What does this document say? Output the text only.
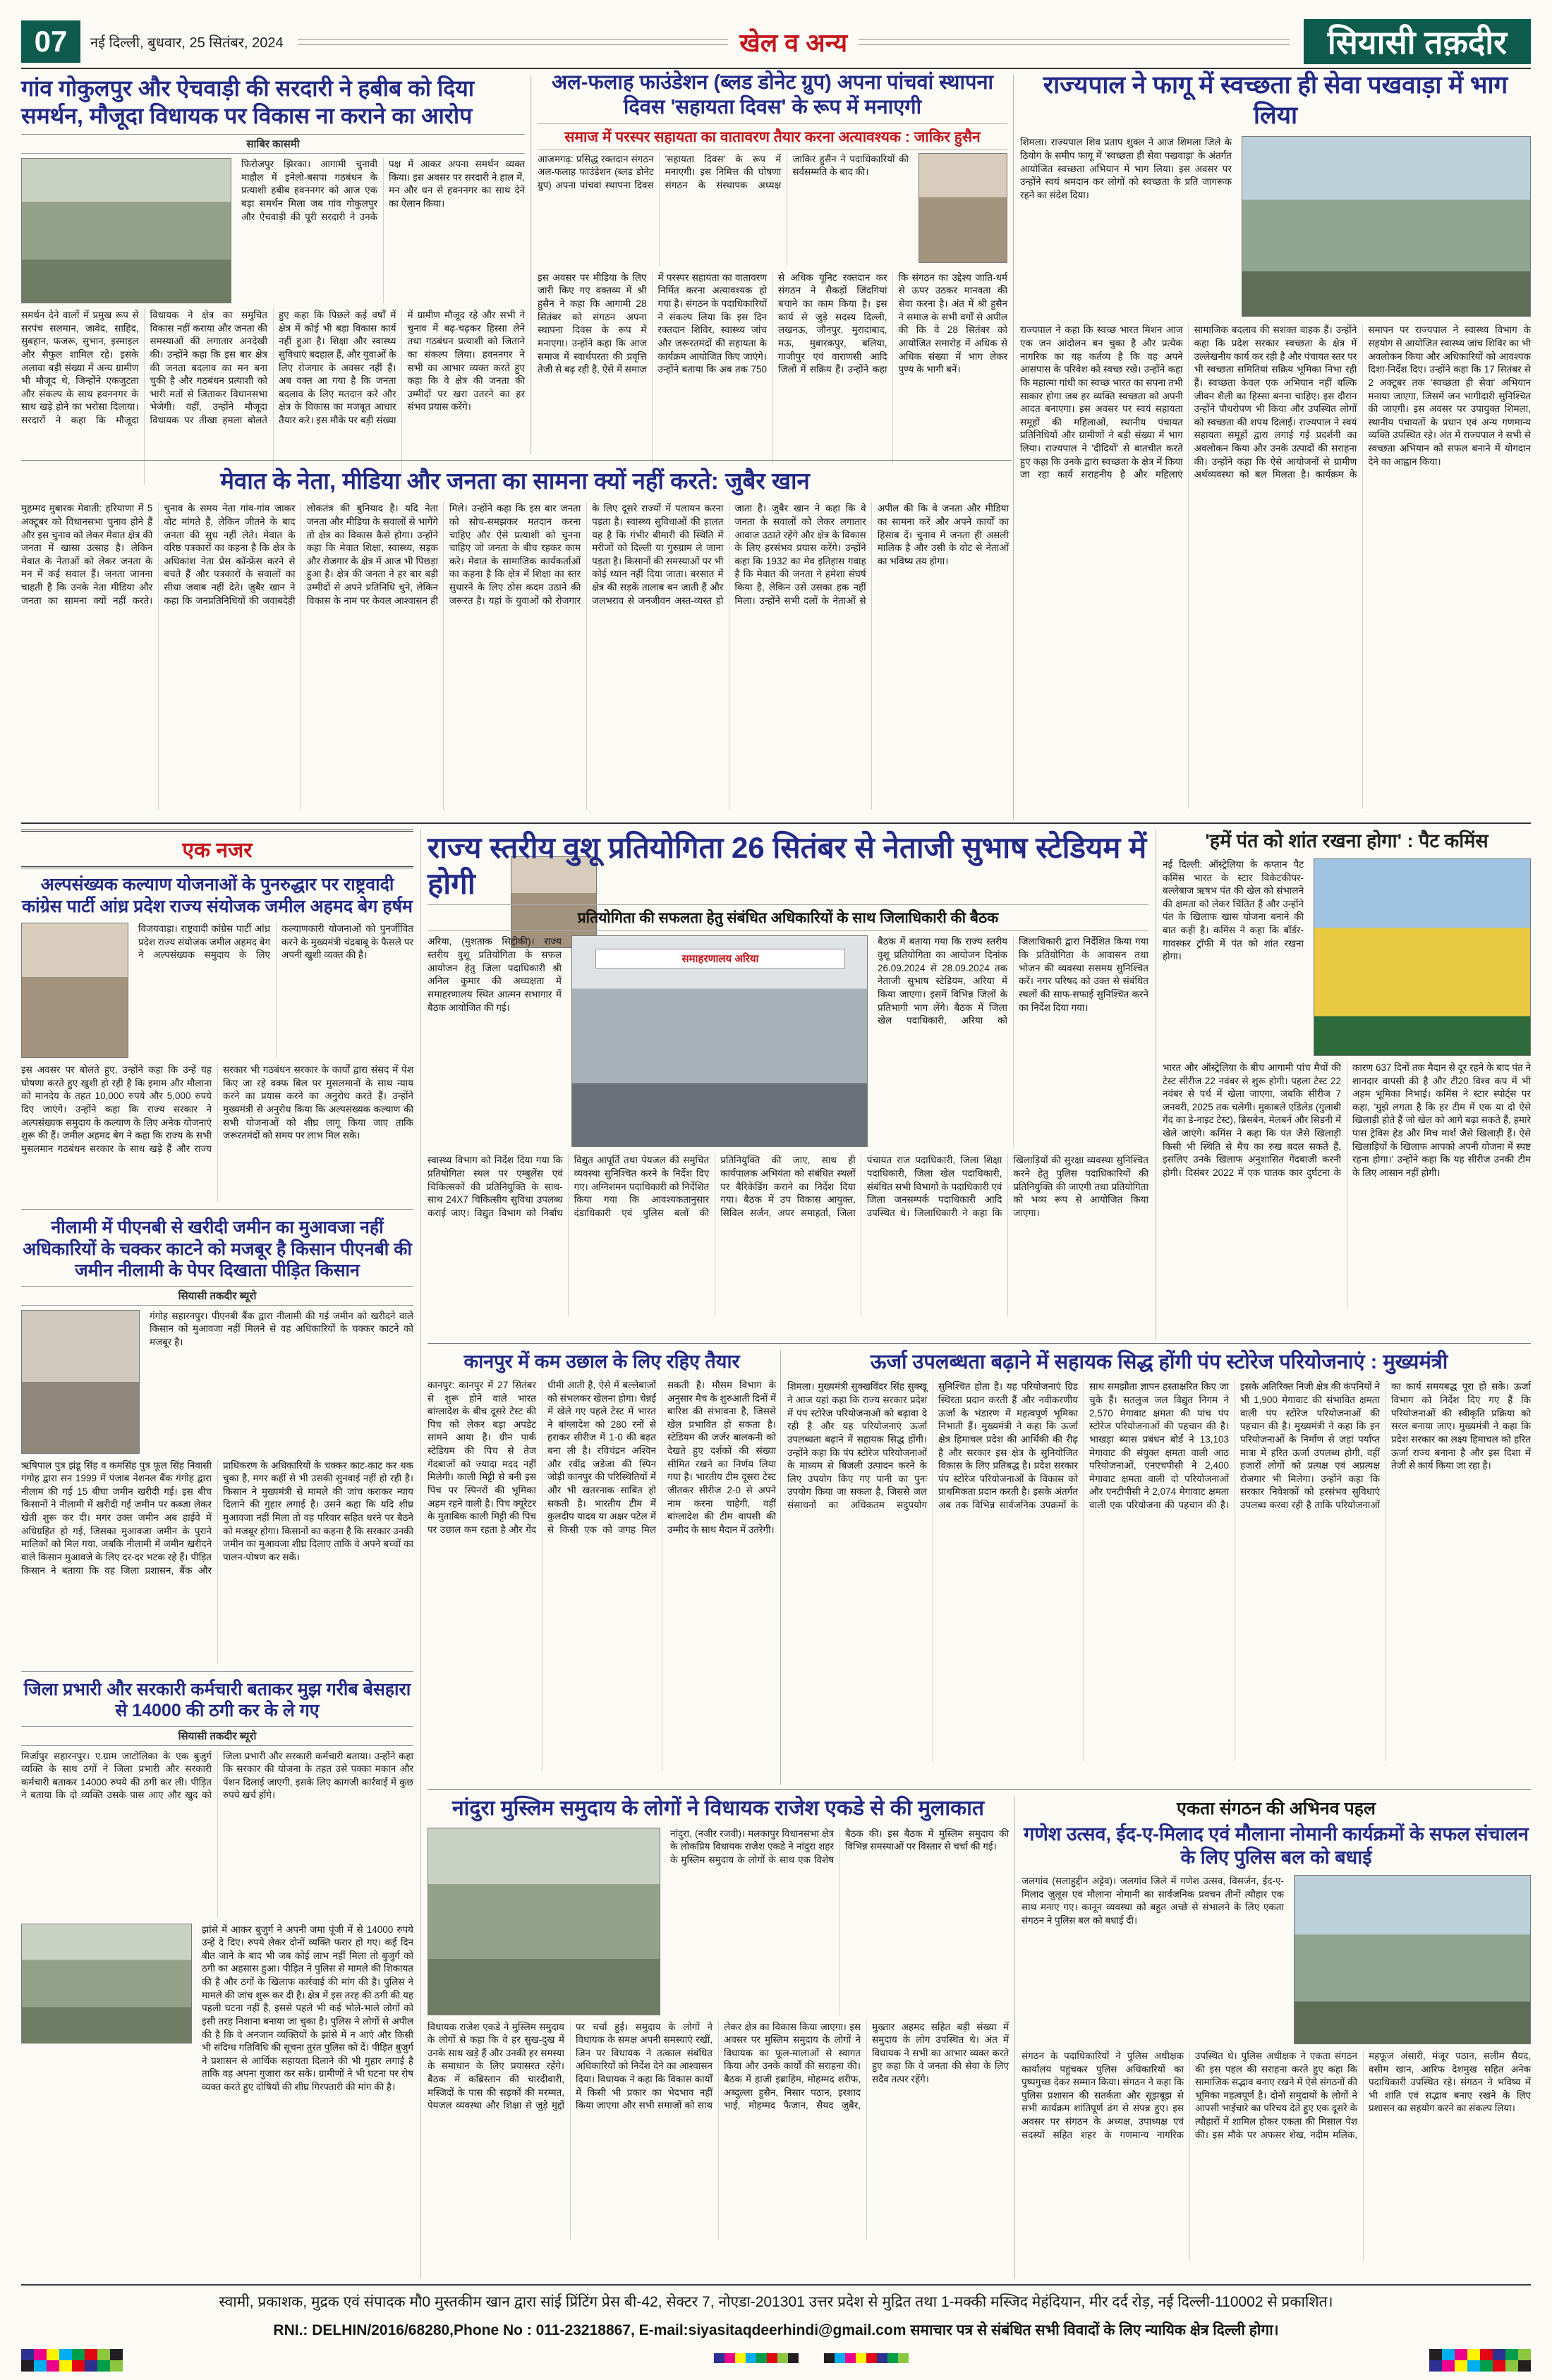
07	नई दिल्ली, बुधवार, 25 सितंबर, 2024	खेल व अन्य	सियासी तक़दीर
गांव गोकुलपुर और ऐचवाड़ी की सरदारी ने हबीब को दिया समर्थन, मौजूदा विधायक पर विकास ना कराने का आरोप
साबिर कासमी
फिरोजपुर झिरका। आगामी चुनावी माहौल में इनेलो-बसपा गठबंधन के प्रत्याशी हबीब हवननगर को आज एक बड़ा समर्थन मिला जब गांव गोकुलपुर और ऐचवाड़ी की पूरी सरदारी ने उनके पक्ष में आकर अपना समर्थन व्यक्त किया। इस अवसर पर सरदारी ने हाल में, मन और धन से हवननगर का साथ देने का ऐलान किया।
समर्थन देने वालों में प्रमुख रूप से सरपंच सलमान, जावेद, साहिद, सुबहान, फजरू, सुभान, इस्माइल और सैफुल शामिल रहे। इसके अलावा बड़ी संख्या में अन्य ग्रामीण भी मौजूद थे, जिन्होंने एकजुटता और संकल्प के साथ हवननगर के साथ खड़े होने का भरोसा दिलाया। सरदारों ने कहा कि मौजूदा विधायक ने क्षेत्र का समुचित विकास नहीं कराया और जनता की समस्याओं की लगातार अनदेखी की। उन्होंने कहा कि इस बार क्षेत्र की जनता बदलाव का मन बना चुकी है और गठबंधन प्रत्याशी को भारी मतों से जिताकर विधानसभा भेजेगी। वहीं, उन्होंने मौजूदा विधायक पर तीखा हमला बोलते हुए कहा कि पिछले कई वर्षों में क्षेत्र में कोई भी बड़ा विकास कार्य नहीं हुआ है। शिक्षा और स्वास्थ्य सुविधाएं बदहाल हैं, और युवाओं के लिए रोजगार के अवसर नहीं हैं। अब वक्त आ गया है कि जनता बदलाव के लिए मतदान करे और क्षेत्र के विकास का मजबूत आधार तैयार करे। इस मौके पर बड़ी संख्या में ग्रामीण मौजूद रहे और सभी ने चुनाव में बढ़-चढ़कर हिस्सा लेने तथा गठबंधन प्रत्याशी को जिताने का संकल्प लिया। हवननगर ने सभी का आभार व्यक्त करते हुए कहा कि वे क्षेत्र की जनता की उम्मीदों पर खरा उतरने का हर संभव प्रयास करेंगे।
अल-फलाह फाउंडेशन (ब्लड डोनेट ग्रुप) अपना पांचवां स्थापना दिवस 'सहायता दिवस' के रूप में मनाएगी
समाज में परस्पर सहायता का वातावरण तैयार करना अत्यावश्यक : जाकिर हुसैन
आजमगढ़: प्रसिद्ध रक्तदान संगठन अल-फलाह फाउंडेशन (ब्लड डोनेट ग्रुप) अपना पांचवां स्थापना दिवस 'सहायता दिवस' के रूप में मनाएगी। इस निमित्त की घोषणा संगठन के संस्थापक अध्यक्ष जाकिर हुसैन ने पदाधिकारियों की सर्वसम्मति के बाद की।
इस अवसर पर मीडिया के लिए जारी किए गए वक्तव्य में श्री हुसैन ने कहा कि आगामी 28 सितंबर को संगठन अपना स्थापना दिवस के रूप में मनाएगा। उन्होंने कहा कि आज समाज में स्वार्थपरता की प्रवृत्ति तेजी से बढ़ रही है, ऐसे में समाज में परस्पर सहायता का वातावरण निर्मित करना अत्यावश्यक हो गया है। संगठन के पदाधिकारियों ने संकल्प लिया कि इस दिन रक्तदान शिविर, स्वास्थ्य जांच और जरूरतमंदों की सहायता के कार्यक्रम आयोजित किए जाएंगे। उन्होंने बताया कि अब तक 750 से अधिक यूनिट रक्तदान कर संगठन ने सैकड़ों जिंदगियां बचाने का काम किया है। इस कार्य से जुड़े सदस्य दिल्ली, लखनऊ, जौनपुर, मुरादाबाद, मऊ, मुबारकपुर, बलिया, गाजीपुर एवं वाराणसी आदि जिलों में सक्रिय हैं। उन्होंने कहा कि संगठन का उद्देश्य जाति-धर्म से ऊपर उठकर मानवता की सेवा करना है। अंत में श्री हुसैन ने समाज के सभी वर्गों से अपील की कि वे 28 सितंबर को आयोजित समारोह में अधिक से अधिक संख्या में भाग लेकर पुण्य के भागी बनें।
राज्यपाल ने फागू में स्वच्छता ही सेवा पखवाड़ा में भाग लिया
शिमला। राज्यपाल शिव प्रताप शुक्ल ने आज शिमला जिले के ठियोग के समीप फागू में 'स्वच्छता ही सेवा पखवाड़ा' के अंतर्गत आयोजित स्वच्छता अभियान में भाग लिया। इस अवसर पर उन्होंने स्वयं श्रमदान कर लोगों को स्वच्छता के प्रति जागरूक रहने का संदेश दिया।
राज्यपाल ने कहा कि स्वच्छ भारत मिशन आज एक जन आंदोलन बन चुका है और प्रत्येक नागरिक का यह कर्तव्य है कि वह अपने आसपास के परिवेश को स्वच्छ रखे। उन्होंने कहा कि महात्मा गांधी का स्वच्छ भारत का सपना तभी साकार होगा जब हर व्यक्ति स्वच्छता को अपनी आदत बनाएगा। इस अवसर पर स्वयं सहायता समूहों की महिलाओं, स्थानीय पंचायत प्रतिनिधियों और ग्रामीणों ने बड़ी संख्या में भाग लिया। राज्यपाल ने 'दीदियों' से बातचीत करते हुए कहा कि उनके द्वारा स्वच्छता के क्षेत्र में किया जा रहा कार्य सराहनीय है और महिलाएं सामाजिक बदलाव की सशक्त वाहक हैं। उन्होंने कहा कि प्रदेश सरकार स्वच्छता के क्षेत्र में उल्लेखनीय कार्य कर रही है और पंचायत स्तर पर भी स्वच्छता समितियां सक्रिय भूमिका निभा रही हैं। स्वच्छता केवल एक अभियान नहीं बल्कि जीवन शैली का हिस्सा बनना चाहिए। इस दौरान उन्होंने पौधरोपण भी किया और उपस्थित लोगों को स्वच्छता की शपथ दिलाई। राज्यपाल ने स्वयं सहायता समूहों द्वारा लगाई गई प्रदर्शनी का अवलोकन किया और उनके उत्पादों की सराहना की। उन्होंने कहा कि ऐसे आयोजनों से ग्रामीण अर्थव्यवस्था को बल मिलता है। कार्यक्रम के समापन पर राज्यपाल ने स्वास्थ्य विभाग के सहयोग से आयोजित स्वास्थ्य जांच शिविर का भी अवलोकन किया और अधिकारियों को आवश्यक दिशा-निर्देश दिए। उन्होंने कहा कि 17 सितंबर से 2 अक्टूबर तक 'स्वच्छता ही सेवा' अभियान मनाया जाएगा, जिसमें जन भागीदारी सुनिश्चित की जाएगी। इस अवसर पर उपायुक्त शिमला, स्थानीय पंचायतों के प्रधान एवं अन्य गणमान्य व्यक्ति उपस्थित रहे। अंत में राज्यपाल ने सभी से स्वच्छता अभियान को सफल बनाने में योगदान देने का आह्वान किया।
मेवात के नेता, मीडिया और जनता का सामना क्यों नहीं करते: जुबैर खान
मुहम्मद मुबारक मेवाती: हरियाणा में 5 अक्टूबर को विधानसभा चुनाव होने हैं और इस चुनाव को लेकर मेवात क्षेत्र की जनता में खासा उत्साह है। लेकिन मेवात के नेताओं को लेकर जनता के मन में कई सवाल हैं। जनता जानना चाहती है कि उनके नेता मीडिया और जनता का सामना क्यों नहीं करते। चुनाव के समय नेता गांव-गांव जाकर वोट मांगते हैं, लेकिन जीतने के बाद जनता की सुध नहीं लेते। मेवात के वरिष्ठ पत्रकारों का कहना है कि क्षेत्र के अधिकांश नेता प्रेस कॉन्फ्रेंस करने से बचते हैं और पत्रकारों के सवालों का सीधा जवाब नहीं देते। जुबैर खान ने कहा कि जनप्रतिनिधियों की जवाबदेही लोकतंत्र की बुनियाद है। यदि नेता जनता और मीडिया के सवालों से भागेंगे तो क्षेत्र का विकास कैसे होगा। उन्होंने कहा कि मेवात शिक्षा, स्वास्थ्य, सड़क और रोजगार के क्षेत्र में आज भी पिछड़ा हुआ है। क्षेत्र की जनता ने हर बार बड़ी उम्मीदों से अपने प्रतिनिधि चुने, लेकिन विकास के नाम पर केवल आश्वासन ही मिले। उन्होंने कहा कि इस बार जनता को सोच-समझकर मतदान करना चाहिए और ऐसे प्रत्याशी को चुनना चाहिए जो जनता के बीच रहकर काम करे। मेवात के सामाजिक कार्यकर्ताओं का कहना है कि क्षेत्र में शिक्षा का स्तर सुधारने के लिए ठोस कदम उठाने की जरूरत है। यहां के युवाओं को रोजगार के लिए दूसरे राज्यों में पलायन करना पड़ता है। स्वास्थ्य सुविधाओं की हालत यह है कि गंभीर बीमारी की स्थिति में मरीजों को दिल्ली या गुरुग्राम ले जाना पड़ता है। किसानों की समस्याओं पर भी कोई ध्यान नहीं दिया जाता। बरसात में क्षेत्र की सड़कें तालाब बन जाती हैं और जलभराव से जनजीवन अस्त-व्यस्त हो जाता है। जुबैर खान ने कहा कि वे जनता के सवालों को लेकर लगातार आवाज उठाते रहेंगे और क्षेत्र के विकास के लिए हरसंभव प्रयास करेंगे। उन्होंने कहा कि 1932 का मेव इतिहास गवाह है कि मेवात की जनता ने हमेशा संघर्ष किया है, लेकिन उसे उसका हक नहीं मिला। उन्होंने सभी दलों के नेताओं से अपील की कि वे जनता और मीडिया का सामना करें और अपने कार्यों का हिसाब दें। चुनाव में जनता ही असली मालिक है और उसी के वोट से नेताओं का भविष्य तय होगा।
एक नजर
अल्पसंख्यक कल्याण योजनाओं के पुनरुद्धार पर राष्ट्रवादी कांग्रेस पार्टी आंध्र प्रदेश राज्य संयोजक जमील अहमद बेग हर्षम
विजयवाड़ा। राष्ट्रवादी कांग्रेस पार्टी आंध्र प्रदेश राज्य संयोजक जमील अहमद बेग ने अल्पसंख्यक समुदाय के लिए कल्याणकारी योजनाओं को पुनर्जीवित करने के मुख्यमंत्री चंद्रबाबू के फैसले पर अपनी खुशी व्यक्त की है।
इस अवसर पर बोलते हुए, उन्होंने कहा कि उन्हें यह घोषणा करते हुए खुशी हो रही है कि इमाम और मौलाना को मानदेय के तहत 10,000 रुपये और 5,000 रुपये दिए जाएंगे। उन्होंने कहा कि राज्य सरकार ने अल्पसंख्यक समुदाय के कल्याण के लिए अनेक योजनाएं शुरू की हैं। जमील अहमद बेग ने कहा कि राज्य के सभी मुसलमान गठबंधन सरकार के साथ खड़े हैं और राज्य सरकार भी गठबंधन सरकार के कार्यों द्वारा संसद में पेश किए जा रहे वक्फ बिल पर मुसलमानों के साथ न्याय करने का प्रयास करने का अनुरोध करते हैं। उन्होंने मुख्यमंत्री से अनुरोध किया कि अल्पसंख्यक कल्याण की सभी योजनाओं को शीघ्र लागू किया जाए ताकि जरूरतमंदों को समय पर लाभ मिल सके।
नीलामी में पीएनबी से खरीदी जमीन का मुआवजा नहीं अधिकारियों के चक्कर काटने को मजबूर है किसान पीएनबी की जमीन नीलामी के पेपर दिखाता पीड़ित किसान
सियासी तकदीर ब्यूरो
गंगोह सहारनपुर। पीएनबी बैंक द्वारा नीलामी की गई जमीन को खरीदने वाले किसान को मुआवजा नहीं मिलने से वह अधिकारियों के चक्कर काटने को मजबूर है।
ऋषिपाल पुत्र झंडू सिंह व कमसिंह पुत्र फूल सिंह निवासी गंगोह द्वारा सन 1999 में पंजाब नेशनल बैंक गंगोह द्वारा नीलाम की गई 15 बीघा जमीन खरीदी गई। इस बीच किसानों ने नीलामी में खरीदी गई जमीन पर कब्जा लेकर खेती शुरू कर दी। मगर उक्त जमीन अब हाईवे में अधिग्रहित हो गई, जिसका मुआवजा जमीन के पुराने मालिकों को मिल गया, जबकि नीलामी में जमीन खरीदने वाले किसान मुआवजे के लिए दर-दर भटक रहे हैं। पीड़ित किसान ने बताया कि वह जिला प्रशासन, बैंक और प्राधिकरण के अधिकारियों के चक्कर काट-काट कर थक चुका है, मगर कहीं से भी उसकी सुनवाई नहीं हो रही है। किसान ने मुख्यमंत्री से मामले की जांच कराकर न्याय दिलाने की गुहार लगाई है। उसने कहा कि यदि शीघ्र मुआवजा नहीं मिला तो वह परिवार सहित धरने पर बैठने को मजबूर होगा। किसानों का कहना है कि सरकार उनकी जमीन का मुआवजा शीघ्र दिलाए ताकि वे अपने बच्चों का पालन-पोषण कर सकें।
जिला प्रभारी और सरकारी कर्मचारी बताकर मुझ गरीब बेसहारा से 14000 की ठगी कर के ले गए
सियासी तकदीर ब्यूरो
मिर्जापुर सहारनपुर। ए.ग्राम जाटोलिका के एक बुजुर्ग व्यक्ति के साथ ठगों ने जिला प्रभारी और सरकारी कर्मचारी बताकर 14000 रुपये की ठगी कर ली। पीड़ित ने बताया कि दो व्यक्ति उसके पास आए और खुद को जिला प्रभारी और सरकारी कर्मचारी बताया। उन्होंने कहा कि सरकार की योजना के तहत उसे पक्का मकान और पेंशन दिलाई जाएगी, इसके लिए कागजी कार्रवाई में कुछ रुपये खर्च होंगे।
झांसे में आकर बुजुर्ग ने अपनी जमा पूंजी में से 14000 रुपये उन्हें दे दिए। रुपये लेकर दोनों व्यक्ति फरार हो गए। कई दिन बीत जाने के बाद भी जब कोई लाभ नहीं मिला तो बुजुर्ग को ठगी का अहसास हुआ। पीड़ित ने पुलिस से मामले की शिकायत की है और ठगों के खिलाफ कार्रवाई की मांग की है। पुलिस ने मामले की जांच शुरू कर दी है। क्षेत्र में इस तरह की ठगी की यह पहली घटना नहीं है, इससे पहले भी कई भोले-भाले लोगों को इसी तरह निशाना बनाया जा चुका है। पुलिस ने लोगों से अपील की है कि वे अनजान व्यक्तियों के झांसे में न आएं और किसी भी संदिग्ध गतिविधि की सूचना तुरंत पुलिस को दें। पीड़ित बुजुर्ग ने प्रशासन से आर्थिक सहायता दिलाने की भी गुहार लगाई है ताकि वह अपना गुजारा कर सके। ग्रामीणों ने भी घटना पर रोष व्यक्त करते हुए दोषियों की शीघ्र गिरफ्तारी की मांग की है।
राज्य स्तरीय वुशू प्रतियोगिता 26 सितंबर से नेताजी सुभाष स्टेडियम में होगी
प्रतियोगिता की सफलता हेतु संबंधित अधिकारियों के साथ जिलाधिकारी की बैठक
अरिया, (मुशताक सिद्दीकी)। राज्य स्तरीय वुशू प्रतियोगिता के सफल आयोजन हेतु जिला पदाधिकारी श्री अनिल कुमार की अध्यक्षता में समाहरणालय स्थित आत्मन सभागार में बैठक आयोजित की गई।
समाहरणालय अरिया
बैठक में बताया गया कि राज्य स्तरीय वुशू प्रतियोगिता का आयोजन दिनांक 26.09.2024 से 28.09.2024 तक नेताजी सुभाष स्टेडियम, अरिया में किया जाएगा। इसमें विभिन्न जिलों के प्रतिभागी भाग लेंगे। बैठक में जिला खेल पदाधिकारी, अरिया को जिलाधिकारी द्वारा निर्देशित किया गया कि प्रतियोगिता के आवासन तथा भोजन की व्यवस्था ससमय सुनिश्चित करें। नगर परिषद को उक्त से संबंधित स्थलों की साफ-सफाई सुनिश्चित करने का निर्देश दिया गया।
स्वास्थ्य विभाग को निर्देश दिया गया कि प्रतियोगिता स्थल पर एम्बुलेंस एवं चिकित्सकों की प्रतिनियुक्ति के साथ-साथ 24X7 चिकित्सीय सुविधा उपलब्ध कराई जाए। विद्युत विभाग को निर्बाध विद्युत आपूर्ति तथा पेयजल की समुचित व्यवस्था सुनिश्चित करने के निर्देश दिए गए। अग्निशमन पदाधिकारी को निर्देशित किया गया कि आवश्यकतानुसार दंडाधिकारी एवं पुलिस बलों की प्रतिनियुक्ति की जाए, साथ ही कार्यपालक अभियंता को संबंधित स्थलों पर बैरिकेडिंग कराने का निर्देश दिया गया। बैठक में उप विकास आयुक्त, सिविल सर्जन, अपर समाहर्ता, जिला पंचायत राज पदाधिकारी, जिला शिक्षा पदाधिकारी, जिला खेल पदाधिकारी, संबंधित सभी विभागों के पदाधिकारी एवं जिला जनसम्पर्क पदाधिकारी आदि उपस्थित थे। जिलाधिकारी ने कहा कि खिलाड़ियों की सुरक्षा व्यवस्था सुनिश्चित करने हेतु पुलिस पदाधिकारियों की प्रतिनियुक्ति की जाएगी तथा प्रतियोगिता को भव्य रूप से आयोजित किया जाएगा।
'हमें पंत को शांत रखना होगा' : पैट कमिंस
नई दिल्ली: ऑस्ट्रेलिया के कप्तान पैट कमिंस भारत के स्टार विकेटकीपर-बल्लेबाज ऋषभ पंत की खेल को संभालने की क्षमता को लेकर चिंतित हैं और उन्होंने पंत के खिलाफ खास योजना बनाने की बात कही है। कमिंस ने कहा कि बॉर्डर-गावस्कर ट्रॉफी में पंत को शांत रखना होगा।
भारत और ऑस्ट्रेलिया के बीच आगामी पांच मैचों की टेस्ट सीरीज 22 नवंबर से शुरू होगी। पहला टेस्ट 22 नवंबर से पर्थ में खेला जाएगा, जबकि सीरीज 7 जनवरी, 2025 तक चलेगी। मुकाबले एडिलेड (गुलाबी गेंद का डे-नाइट टेस्ट), ब्रिसबेन, मेलबर्न और सिडनी में खेले जाएंगे। कमिंस ने कहा कि पंत जैसे खिलाड़ी किसी भी स्थिति से मैच का रुख बदल सकते हैं, इसलिए उनके खिलाफ अनुशासित गेंदबाजी करनी होगी। दिसंबर 2022 में एक घातक कार दुर्घटना के कारण 637 दिनों तक मैदान से दूर रहने के बाद पंत ने शानदार वापसी की है और टी20 विश्व कप में भी अहम भूमिका निभाई। कमिंस ने स्टार स्पोर्ट्स पर कहा, 'मुझे लगता है कि हर टीम में एक या दो ऐसे खिलाड़ी होते हैं जो खेल को आगे बढ़ा सकते हैं, हमारे पास ट्रेविस हेड और मिच मार्श जैसे खिलाड़ी हैं। ऐसे खिलाड़ियों के खिलाफ आपको अपनी योजना में स्पष्ट रहना होगा।' उन्होंने कहा कि यह सीरीज उनकी टीम के लिए आसान नहीं होगी।
कानपुर में कम उछाल के लिए रहिए तैयार
कानपुर: कानपुर में 27 सितंबर से शुरू होने वाले भारत बांग्लादेश के बीच दूसरे टेस्ट की पिच को लेकर बड़ा अपडेट सामने आया है। ग्रीन पार्क स्टेडियम की पिच से तेज गेंदबाजों को ज्यादा मदद नहीं मिलेगी। काली मिट्टी से बनी इस पिच पर स्पिनरों की भूमिका अहम रहने वाली है। पिच क्यूरेटर के मुताबिक काली मिट्टी की पिच पर उछाल कम रहता है और गेंद धीमी आती है, ऐसे में बल्लेबाजों को संभलकर खेलना होगा। चेन्नई में खेले गए पहले टेस्ट में भारत ने बांग्लादेश को 280 रनों से हराकर सीरीज में 1-0 की बढ़त बना ली है। रविचंद्रन अश्विन और रवींद्र जडेजा की स्पिन जोड़ी कानपुर की परिस्थितियों में और भी खतरनाक साबित हो सकती है। भारतीय टीम में कुलदीप यादव या अक्षर पटेल में से किसी एक को जगह मिल सकती है। मौसम विभाग के अनुसार मैच के शुरुआती दिनों में बारिश की संभावना है, जिससे खेल प्रभावित हो सकता है। स्टेडियम की जर्जर बालकनी को देखते हुए दर्शकों की संख्या सीमित रखने का निर्णय लिया गया है। भारतीय टीम दूसरा टेस्ट जीतकर सीरीज 2-0 से अपने नाम करना चाहेगी, वहीं बांग्लादेश की टीम वापसी की उम्मीद के साथ मैदान में उतरेगी।
ऊर्जा उपलब्धता बढ़ाने में सहायक सिद्ध होंगी पंप स्टोरेज परियोजनाएं : मुख्यमंत्री
शिमला। मुख्यमंत्री सुक्खविंदर सिंह सुक्खू ने आज यहां कहा कि राज्य सरकार प्रदेश में पंप स्टोरेज परियोजनाओं को बढ़ावा दे रही है और यह परियोजनाएं ऊर्जा उपलब्धता बढ़ाने में सहायक सिद्ध होंगी। उन्होंने कहा कि पंप स्टोरेज परियोजनाओं के माध्यम से बिजली उत्पादन करने के लिए उपयोग किए गए पानी का पुनः उपयोग किया जा सकता है, जिससे जल संसाधनों का अधिकतम सदुपयोग सुनिश्चित होता है। यह परियोजनाएं ग्रिड स्थिरता प्रदान करती हैं और नवीकरणीय ऊर्जा के भंडारण में महत्वपूर्ण भूमिका निभाती हैं। मुख्यमंत्री ने कहा कि ऊर्जा क्षेत्र हिमाचल प्रदेश की आर्थिकी की रीढ़ है और सरकार इस क्षेत्र के सुनियोजित विकास के लिए प्रतिबद्ध है। प्रदेश सरकार पंप स्टोरेज परियोजनाओं के विकास को प्राथमिकता प्रदान करती है। इसके अंतर्गत अब तक विभिन्न सार्वजनिक उपक्रमों के साथ समझौता ज्ञापन हस्ताक्षरित किए जा चुके हैं। सतलुज जल विद्युत निगम ने 2,570 मेगावाट क्षमता की पांच पंप स्टोरेज परियोजनाओं की पहचान की है। भाखड़ा ब्यास प्रबंधन बोर्ड ने 13,103 मेगावाट की संयुक्त क्षमता वाली आठ परियोजनाओं, एनएचपीसी ने 2,400 मेगावाट क्षमता वाली दो परियोजनाओं और एनटीपीसी ने 2,074 मेगावाट क्षमता वाली एक परियोजना की पहचान की है। इसके अतिरिक्त निजी क्षेत्र की कंपनियों ने भी 1,900 मेगावाट की संभावित क्षमता वाली पंप स्टोरेज परियोजनाओं की पहचान की है। मुख्यमंत्री ने कहा कि इन परियोजनाओं के निर्माण से जहां पर्याप्त मात्रा में हरित ऊर्जा उपलब्ध होगी, वहीं हजारों लोगों को प्रत्यक्ष एवं अप्रत्यक्ष रोजगार भी मिलेगा। उन्होंने कहा कि सरकार निवेशकों को हरसंभव सुविधाएं उपलब्ध करवा रही है ताकि परियोजनाओं का कार्य समयबद्ध पूरा हो सके। ऊर्जा विभाग को निर्देश दिए गए हैं कि परियोजनाओं की स्वीकृति प्रक्रिया को सरल बनाया जाए। मुख्यमंत्री ने कहा कि प्रदेश सरकार का लक्ष्य हिमाचल को हरित ऊर्जा राज्य बनाना है और इस दिशा में तेजी से कार्य किया जा रहा है।
नांदुरा मुस्लिम समुदाय के लोगों ने विधायक राजेश एकडे से की मुलाकात
नांदुरा, (नजीर रजवी)। मलकापुर विधानसभा क्षेत्र के लोकप्रिय विधायक राजेश एकडे ने नांदुरा शहर के मुस्लिम समुदाय के लोगों के साथ एक विशेष बैठक की। इस बैठक में मुस्लिम समुदाय की विभिन्न समस्याओं पर विस्तार से चर्चा की गई।
विधायक राजेश एकडे ने मुस्लिम समुदाय के लोगों से कहा कि वे हर सुख-दुख में उनके साथ खड़े हैं और उनकी हर समस्या के समाधान के लिए प्रयासरत रहेंगे। बैठक में कब्रिस्तान की चारदीवारी, मस्जिदों के पास की सड़कों की मरम्मत, पेयजल व्यवस्था और शिक्षा से जुड़े मुद्दों पर चर्चा हुई। समुदाय के लोगों ने विधायक के समक्ष अपनी समस्याएं रखीं, जिन पर विधायक ने तत्काल संबंधित अधिकारियों को निर्देश देने का आश्वासन दिया। विधायक ने कहा कि विकास कार्यों में किसी भी प्रकार का भेदभाव नहीं किया जाएगा और सभी समाजों को साथ लेकर क्षेत्र का विकास किया जाएगा। इस अवसर पर मुस्लिम समुदाय के लोगों ने विधायक का फूल-मालाओं से स्वागत किया और उनके कार्यों की सराहना की। बैठक में हाजी इब्राहिम, मोहम्मद शरीफ, अब्दुल्ला हुसैन, निसार पठान, इरशाद भाई, मोहम्मद फैजान, सैयद जुबैर, मुख्तार अहमद सहित बड़ी संख्या में समुदाय के लोग उपस्थित थे। अंत में विधायक ने सभी का आभार व्यक्त करते हुए कहा कि वे जनता की सेवा के लिए सदैव तत्पर रहेंगे।
एकता संगठन की अभिनव पहल
गणेश उत्सव, ईद-ए-मिलाद एवं मौलाना नोमानी कार्यक्रमों के सफल संचालन के लिए पुलिस बल को बधाई
जलगांव (सलाहुद्दीन अट्टेव)। जलगांव जिले में गणेश उत्सव, विसर्जन, ईद-ए-मिलाद जुलूस एवं मौलाना नोमानी का सार्वजनिक प्रवचन तीनों त्यौहार एक साथ मनाए गए। कानून व्यवस्था को बहुत अच्छे से संभालने के लिए एकता संगठन ने पुलिस बल को बधाई दी।
संगठन के पदाधिकारियों ने पुलिस अधीक्षक कार्यालय पहुंचकर पुलिस अधिकारियों का पुष्पगुच्छ देकर सम्मान किया। संगठन ने कहा कि पुलिस प्रशासन की सतर्कता और सूझबूझ से सभी कार्यक्रम शांतिपूर्ण ढंग से संपन्न हुए। इस अवसर पर संगठन के अध्यक्ष, उपाध्यक्ष एवं सदस्यों सहित शहर के गणमान्य नागरिक उपस्थित थे। पुलिस अधीक्षक ने एकता संगठन की इस पहल की सराहना करते हुए कहा कि सामाजिक सद्भाव बनाए रखने में ऐसे संगठनों की भूमिका महत्वपूर्ण है। दोनों समुदायों के लोगों ने आपसी भाईचारे का परिचय देते हुए एक दूसरे के त्यौहारों में शामिल होकर एकता की मिसाल पेश की। इस मौके पर अफसर शेख, नदीम मलिक, महफूज अंसारी, मंजूर पठान, सलीम सैयद, वसीम खान, आरिफ देशमुख सहित अनेक पदाधिकारी उपस्थित रहे। संगठन ने भविष्य में भी शांति एवं सद्भाव बनाए रखने के लिए प्रशासन का सहयोग करने का संकल्प लिया।
स्वामी, प्रकाशक, मुद्रक एवं संपादक मौ0 मुस्तकीम खान द्वारा सांई प्रिंटिंग प्रेस बी-42, सेक्टर 7, नोएडा-201301 उत्तर प्रदेश से मुद्रित तथा 1-मक्की मस्जिद मेहंदियान, मीर दर्द रोड़, नई दिल्ली-110002 से प्रकाशित।
RNI.: DELHIN/2016/68280,Phone No : 011-23218867, E-mail:siyasitaqdeerhindi@gmail.com समाचार पत्र से संबंधित सभी विवादों के लिए न्यायिक क्षेत्र दिल्ली होगा।
